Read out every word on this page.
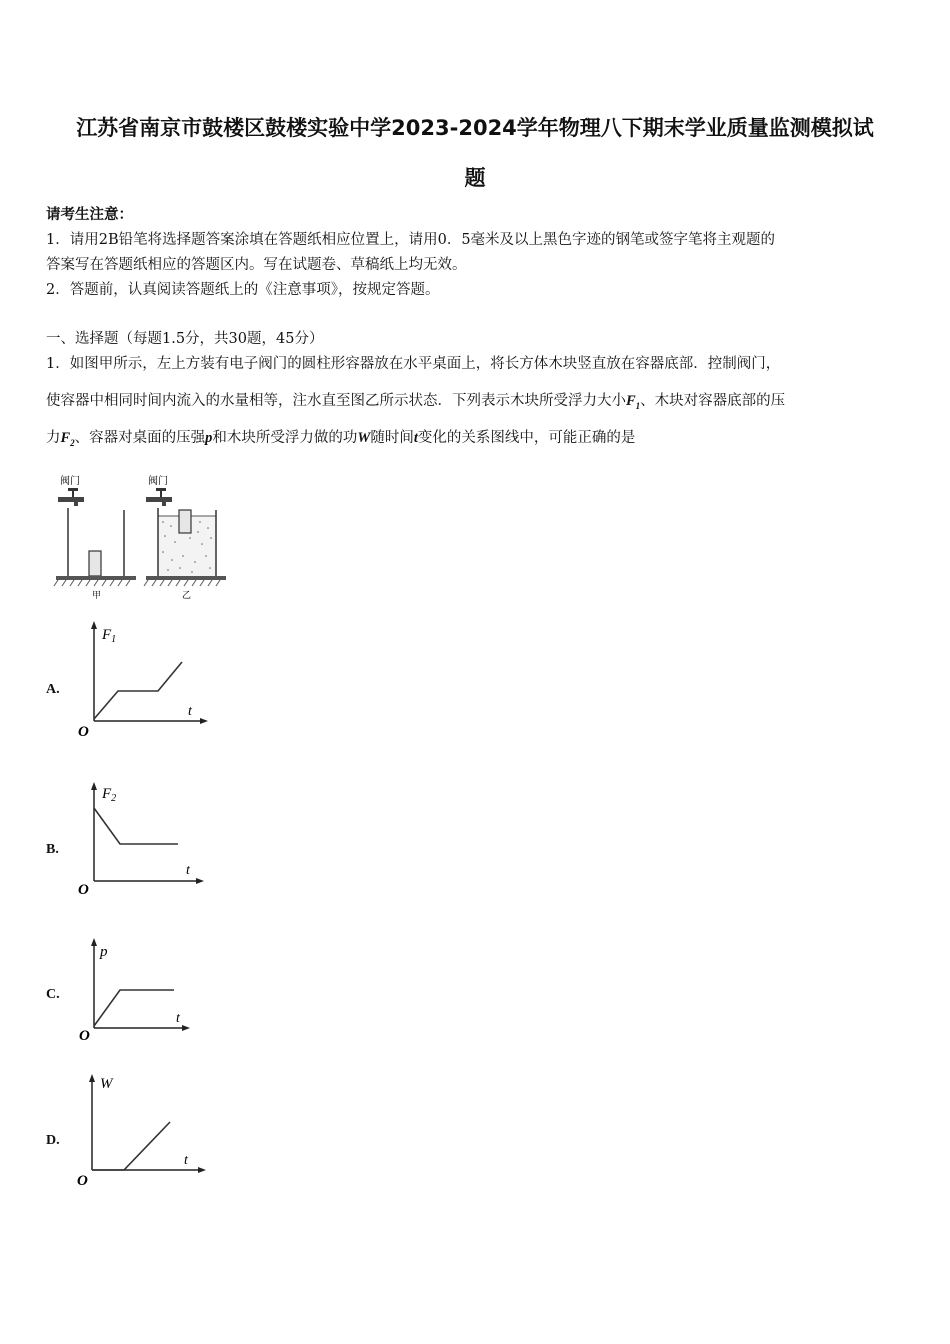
江苏省南京市鼓楼区鼓楼实验中学2023-2024学年物理八下期末学业质量监测模拟试
题
请考生注意：
1．请用2B铅笔将选择题答案涂填在答题纸相应位置上，请用0．5毫米及以上黑色字迹的钢笔或签字笔将主观题的
答案写在答题纸相应的答题区内。写在试题卷、草稿纸上均无效。
2．答题前，认真阅读答题纸上的《注意事项》，按规定答题。
一、选择题（每题1.5分，共30题，45分）
1．如图甲所示，左上方装有电子阀门的圆柱形容器放在水平桌面上，将长方体木块竖直放在容器底部．控制阀门，
使容器中相同时间内流入的水量相等，注水直至图乙所示状态．下列表示木块所受浮力大小$F_1$、木块对容器底部的压
力$F_2$、容器对桌面的压强p和木块所受浮力做的功W随时间t变化的关系图线中，可能正确的是
阀门
甲
阀门
乙
A.
$F_1$
t
O
B.
$F_2$
t
O
C.
p
t
O
D.
W
t
O
